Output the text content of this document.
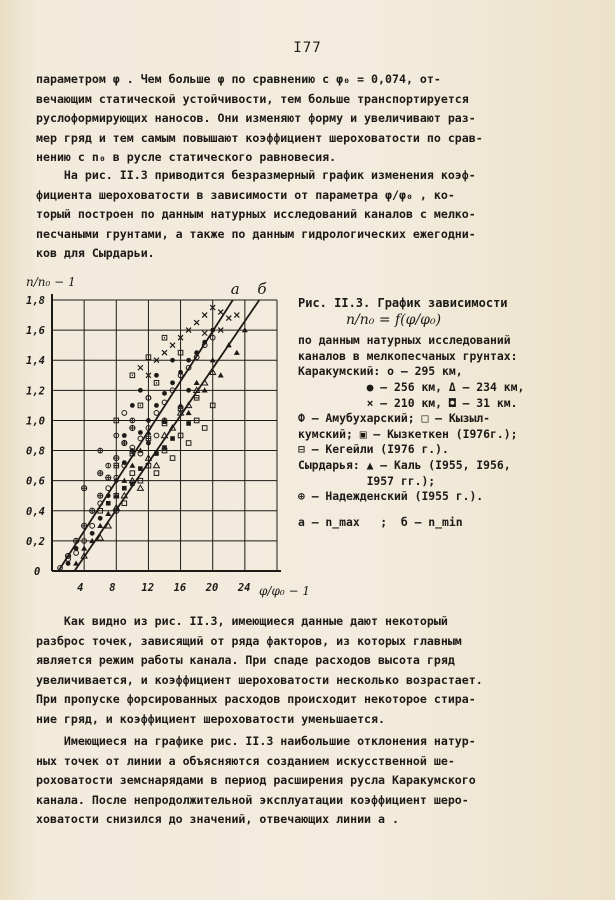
I77
параметром φ . Чем больше φ по сравнению с φ₀ = 0,074, от-
вечающим статической устойчивости, тем больше транспортируется
руслоформирующих наносов. Они изменяют форму и увеличивают раз-
мер гряд и тем самым повышают коэффициент шероховатости по срав-
нению с n₀ в русле статического равновесия.
На рис. II.3 приводится безразмерный график изменения коэф-
фициента шероховатости в зависимости от параметра φ/φ₀ , ко-
торый построен по данным натурных исследований каналов с мелко-
песчаными грунтами, а также по данным гидрологических ежегодни-
ков для Сырдарьи.
0,2
0,4
0,6
0,8
1,0
1,2
1,4
1,6
1,8
0
4 8 12 16 20 24
n/n₀ − 1
φ/φ₀ − 1
а б
Рис. II.3. График зависимости
n/n₀ = f(φ/φ₀)
по данным натурных исследований
каналов в мелкопесчаных грунтах:
Каракумский: о – 295 км,
● – 256 км, Δ – 234 км,
× – 210 км, ◘ – 31 км.
Ф – Амубухарский; □ – Кызыл-
кумский; ▣ – Кызкеткен (I976г.);
⊟ – Кегейли (I976 г.).
Сырдарья: ▲ – Каль (I955, I956,
I957 гг.);
⊕ – Надежденский (I955 г.).
а – n_max   ;  б – n_min
Как видно из рис. II.3, имеющиеся данные дают некоторый
разброс точек, зависящий от ряда факторов, из которых главным
является режим работы канала. При спаде расходов высота гряд
увеличивается, и коэффициент шероховатости несколько возрастает.
При пропуске форсированных расходов происходит некоторое стира-
ние гряд, и коэффициент шероховатости уменьшается.
Имеющиеся на графике рис. II.3 наибольшие отклонения натур-
ных точек от линии а объясняются созданием искусственной ше-
роховатости земснарядами в период расширения русла Каракумского
канала. После непродолжительной эксплуатации коэффициент шеро-
ховатости снизился до значений, отвечающих линии а .
